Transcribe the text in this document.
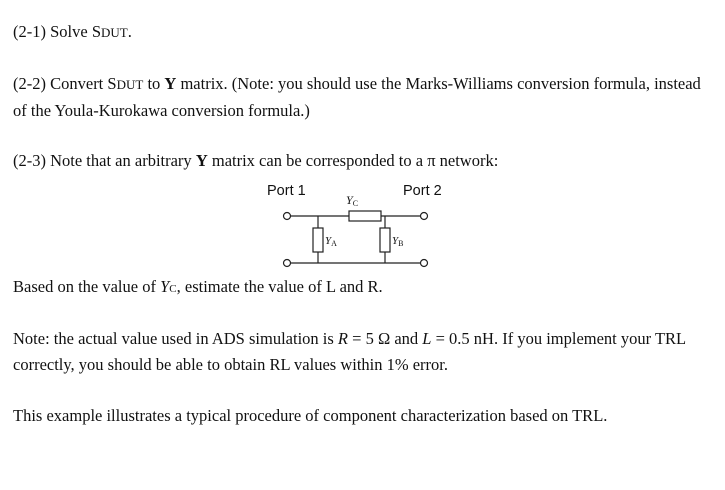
(2-1) Solve SDUT.
(2-2) Convert SDUT to Y matrix. (Note: you should use the Marks-Williams conversion formula, instead
of the Youla-Kurokawa conversion formula.)
(2-3) Note that an arbitrary Y matrix can be corresponded to a π network:
Port 1	Port 2
YC
YA	YB
Based on the value of YC, estimate the value of L and R.
Note: the actual value used in ADS simulation is R = 5 Ω and L = 0.5 nH. If you implement your TRL
correctly, you should be able to obtain RL values within 1% error.
This example illustrates a typical procedure of component characterization based on TRL.
